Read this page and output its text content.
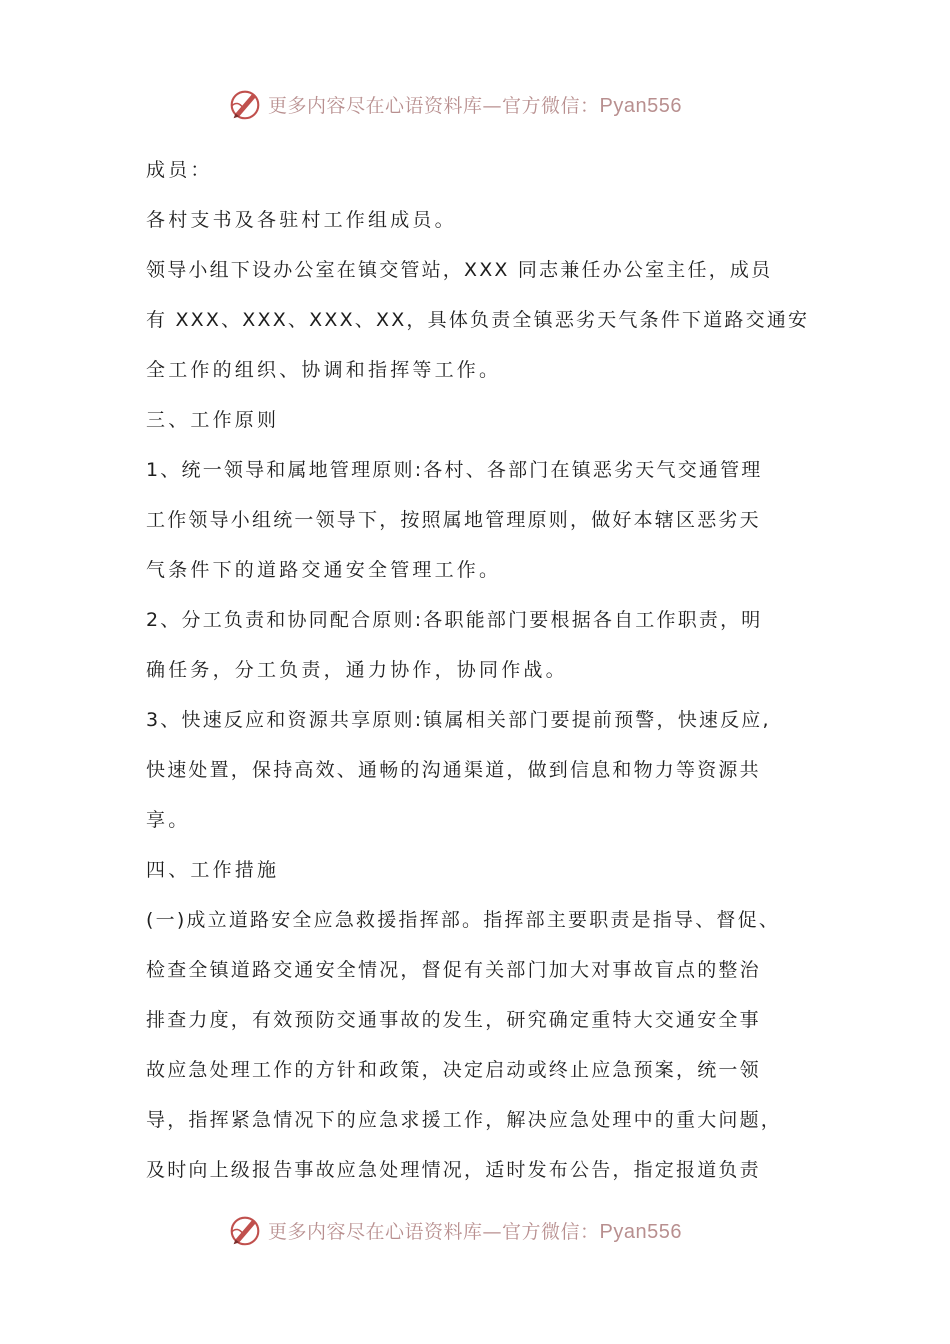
更多内容尽在心语资料库—官方微信：Pyan556
成员：
各村支书及各驻村工作组成员。
领导小组下设办公室在镇交管站，XXX 同志兼任办公室主任，成员
有 XXX、XXX、XXX、XX，具体负责全镇恶劣天气条件下道路交通安
全工作的组织、协调和指挥等工作。
三、工作原则
1、统一领导和属地管理原则:各村、各部门在镇恶劣天气交通管理
工作领导小组统一领导下，按照属地管理原则，做好本辖区恶劣天
气条件下的道路交通安全管理工作。
2、分工负责和协同配合原则:各职能部门要根据各自工作职责，明
确任务，分工负责，通力协作，协同作战。
3、快速反应和资源共享原则:镇属相关部门要提前预警，快速反应,
快速处置，保持高效、通畅的沟通渠道，做到信息和物力等资源共
享。
四、工作措施
(一)成立道路安全应急救援指挥部。指挥部主要职责是指导、督促、
检查全镇道路交通安全情况，督促有关部门加大对事故盲点的整治
排查力度，有效预防交通事故的发生，研究确定重特大交通安全事
故应急处理工作的方针和政策，决定启动或终止应急预案，统一领
导，指挥紧急情况下的应急求援工作，解决应急处理中的重大问题，
及时向上级报告事故应急处理情况，适时发布公告，指定报道负责
更多内容尽在心语资料库—官方微信：Pyan556
